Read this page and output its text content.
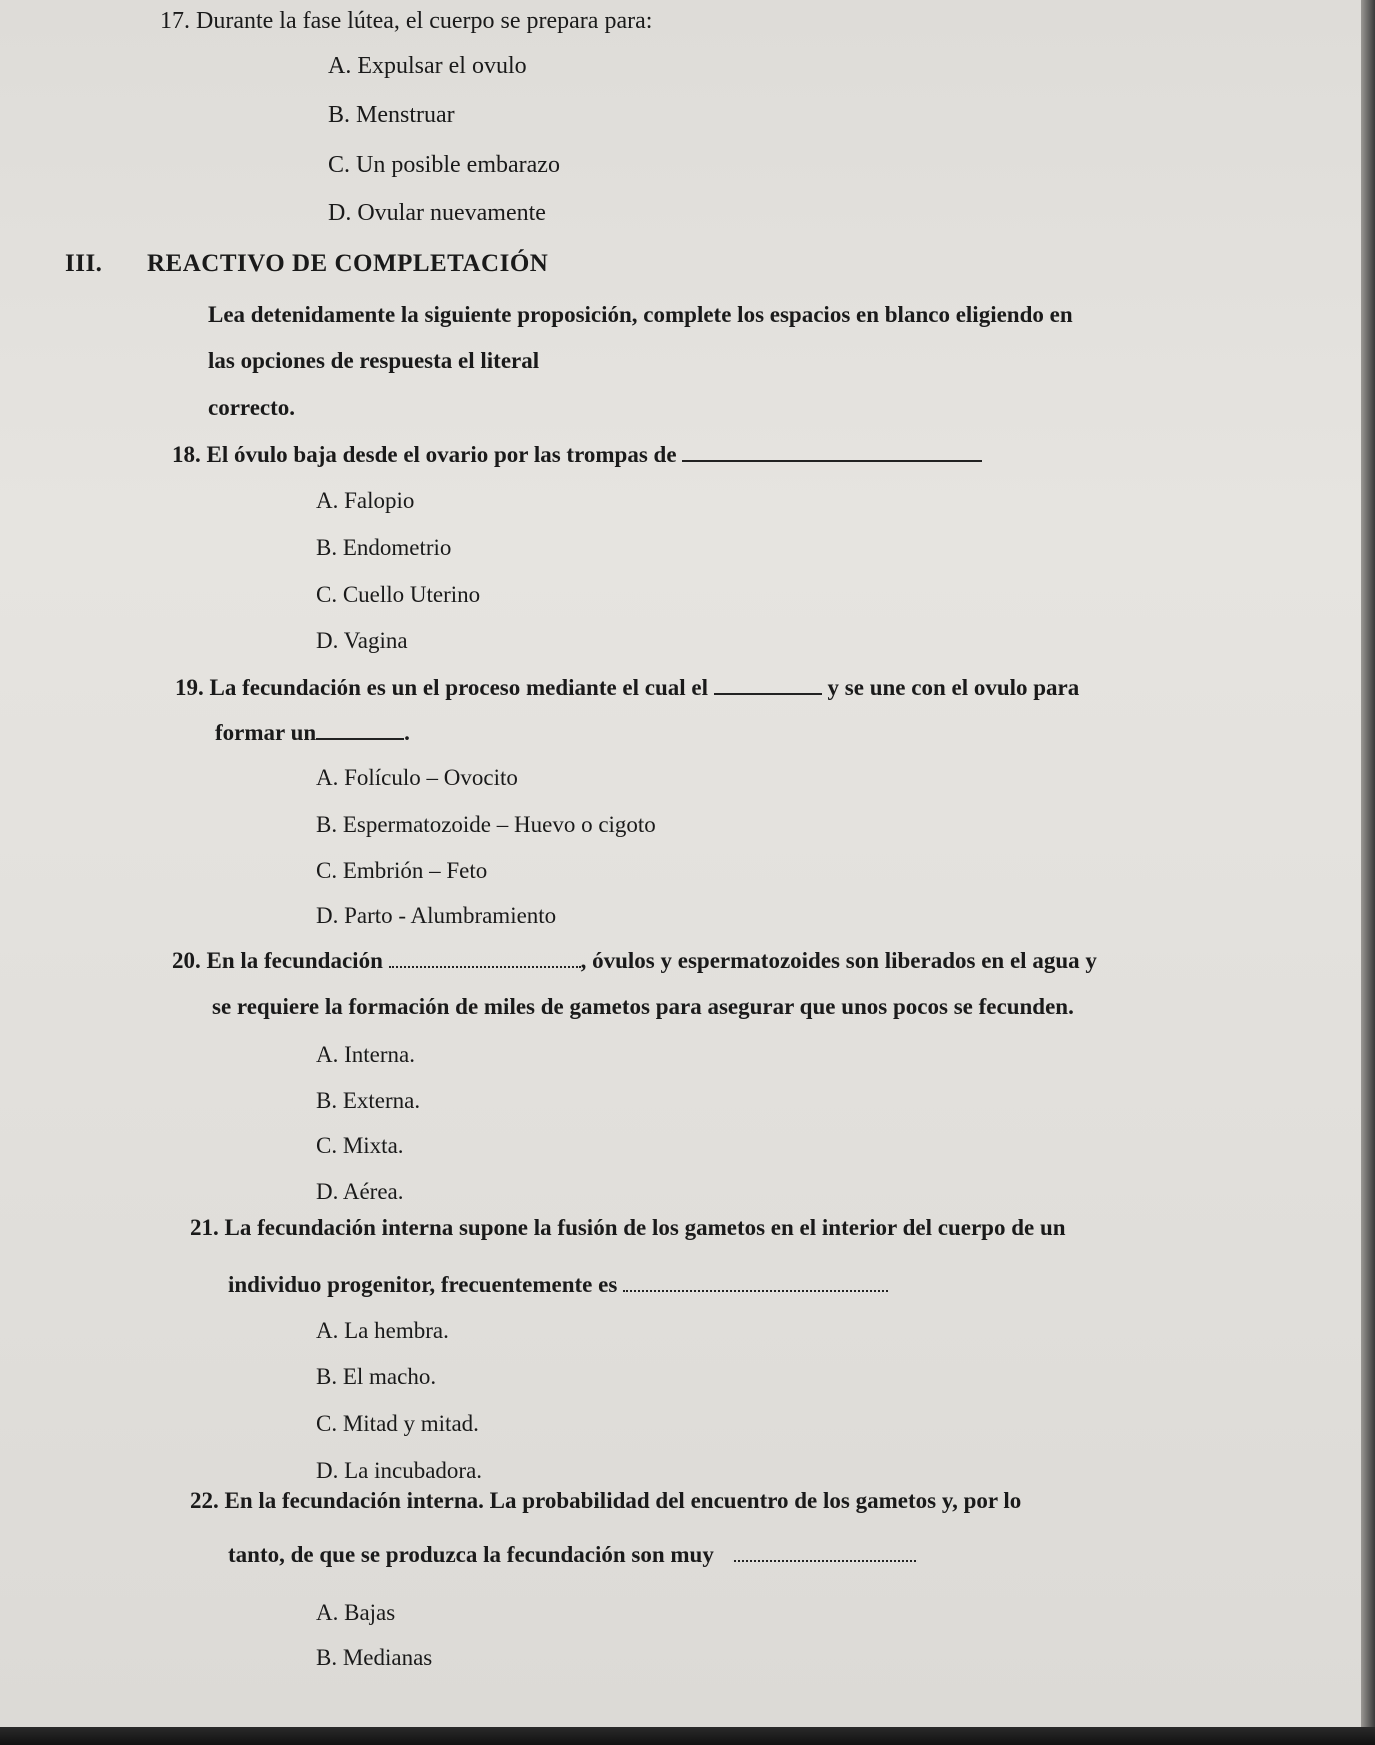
17. Durante la fase lútea, el cuerpo se prepara para:
A. Expulsar el ovulo
B. Menstruar
C. Un posible embarazo
D. Ovular nuevamente
III. REACTIVO DE COMPLETACIÓN
Lea detenidamente la siguiente proposición, complete los espacios en blanco eligiendo en
las opciones de respuesta el literal
correcto.
18. El óvulo baja desde el ovario por las trompas de
A. Falopio
B. Endometrio
C. Cuello Uterino
D. Vagina
19. La fecundación es un el proceso mediante el cual el	y se une con el ovulo para
formar un	.
A. Folículo – Ovocito
B. Espermatozoide – Huevo o cigoto
C. Embrión – Feto
D. Parto - Alumbramiento
20. En la fecundación	, óvulos y espermatozoides son liberados en el agua y
se requiere la formación de miles de gametos para asegurar que unos pocos se fecunden.
A. Interna.
B. Externa.
C. Mixta.
D. Aérea.
21. La fecundación interna supone la fusión de los gametos en el interior del cuerpo de un
individuo progenitor, frecuentemente es
A. La hembra.
B. El macho.
C. Mitad y mitad.
D. La incubadora.
22. En la fecundación interna. La probabilidad del encuentro de los gametos y, por lo
tanto, de que se produzca la fecundación son muy
A. Bajas
B. Medianas
